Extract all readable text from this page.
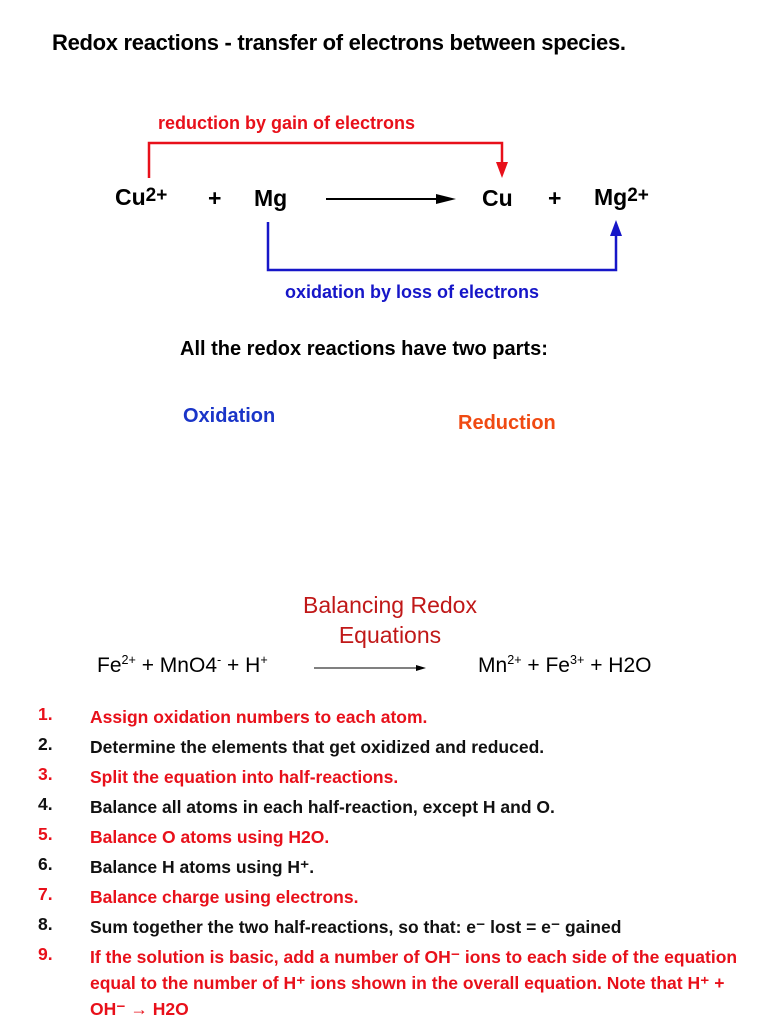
Redox reactions - transfer of electrons between species.
reduction by gain of electrons
Cu2+ + Mg	Cu + Mg2+
oxidation by loss of electrons
All the redox reactions have two parts:
Oxidation	Reduction
Balancing Redox
Equations
$Fe^{2+} + MnO4^- + H^+$	$Mn^{2+} + Fe^{3+} + H2O$
1. Assign oxidation numbers to each atom.
2. Determine the elements that get oxidized and reduced.
3. Split the equation into half-reactions.
4. Balance all atoms in each half-reaction, except H and O.
5. Balance O atoms using H2O.
6. Balance H atoms using H⁺.
7. Balance charge using electrons.
8. Sum together the two half-reactions, so that: e⁻ lost = e⁻ gained
9. If the solution is basic, add a number of OH⁻ ions to each side of the equation equal to the number of H⁺ ions shown in the overall equation. Note that H⁺ + OH⁻ → H2O
